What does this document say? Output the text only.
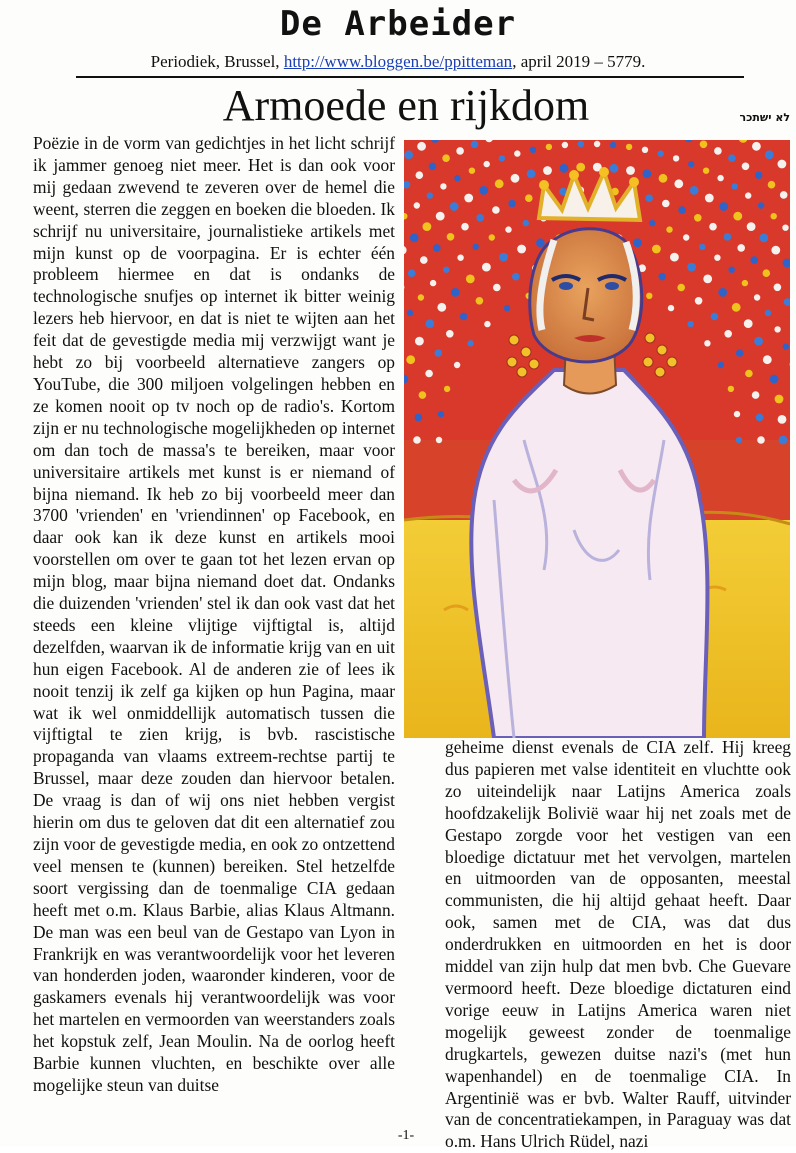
De Arbeider
Periodiek, Brussel, http://www.bloggen.be/ppitteman, april 2019 – 5779.
Armoede en rijkdom	לא ישתכר

Poëzie in de vorm van gedichtjes in het licht schrijf ik jammer genoeg niet meer. Het is dan ook voor mij gedaan zwevend te zeveren over de hemel die weent, sterren die zeggen en boeken die bloeden. Ik schrijf nu universitaire, journalistieke artikels met mijn kunst op de voorpagina. Er is echter één probleem hiermee en dat is ondanks de technologische snufjes op internet ik bitter weinig lezers heb hiervoor, en dat is niet te wijten aan het feit dat de gevestigde media mij verzwijgt want je hebt zo bij voorbeeld alternatieve zangers op YouTube, die 300 miljoen volgelingen hebben en ze komen nooit op tv noch op de radio's. Kortom zijn er nu technologische mogelijkheden op internet om dan toch de massa's te bereiken, maar voor universitaire artikels met kunst is er niemand of bijna niemand. Ik heb zo bij voorbeeld meer dan 3700 'vrienden' en 'vriendinnen' op Facebook, en daar ook kan ik deze kunst en artikels mooi voorstellen om over te gaan tot het lezen ervan op mijn blog, maar bijna niemand doet dat. Ondanks die duizenden 'vrienden' stel ik dan ook vast dat het steeds een kleine vlijtige vijftigtal is, altijd dezelfden, waarvan ik de informatie krijg van en uit hun eigen Facebook. Al de anderen zie of lees ik nooit tenzij ik zelf ga kijken op hun Pagina, maar wat ik wel onmiddellijk automatisch tussen die vijftigtal te zien krijg, is bvb. rascistische propaganda van vlaams extreem-rechtse partij te Brussel, maar deze zouden dan hiervoor betalen. De vraag is dan of wij ons niet hebben vergist hierin om dus te geloven dat dit een alternatief zou zijn voor de gevestigde media, en ook zo ontzettend veel mensen te (kunnen) bereiken. Stel hetzelfde soort vergissing dan de toenmalige CIA gedaan heeft met o.m. Klaus Barbie, alias Klaus Altmann. De man was een beul van de Gestapo van Lyon in Frankrijk en was verantwoordelijk voor het leveren van honderden joden, waaronder kinderen, voor de gaskamers evenals hij verantwoordelijk was voor het martelen en vermoorden van weerstanders zoals het kopstuk zelf, Jean Moulin. Na de oorlog heeft Barbie kunnen vluchten, en beschikte over alle mogelijke steun van duitse

geheime dienst evenals de CIA zelf. Hij kreeg dus papieren met valse identiteit en vluchtte ook zo uiteindelijk naar Latijns America zoals hoofdzakelijk Bolivië waar hij net zoals met de Gestapo zorgde voor het vestigen van een bloedige dictatuur met het vervolgen, martelen en uitmoorden van de opposanten, meestal communisten, die hij altijd gehaat heeft. Daar ook, samen met de CIA, was dat dus onderdrukken en uitmoorden en het is door middel van zijn hulp dat men bvb. Che Guevare vermoord heeft. Deze bloedige dictaturen eind vorige eeuw in Latijns America waren niet mogelijk geweest zonder de toenmalige drugkartels, gewezen duitse nazi's (met hun wapenhandel) en de toenmalige CIA. In Argentinië was er bvb. Walter Rauff, uitvinder van de concentratiekampen, in Paraguay was dat o.m. Hans Ulrich Rüdel, nazi

-1-
